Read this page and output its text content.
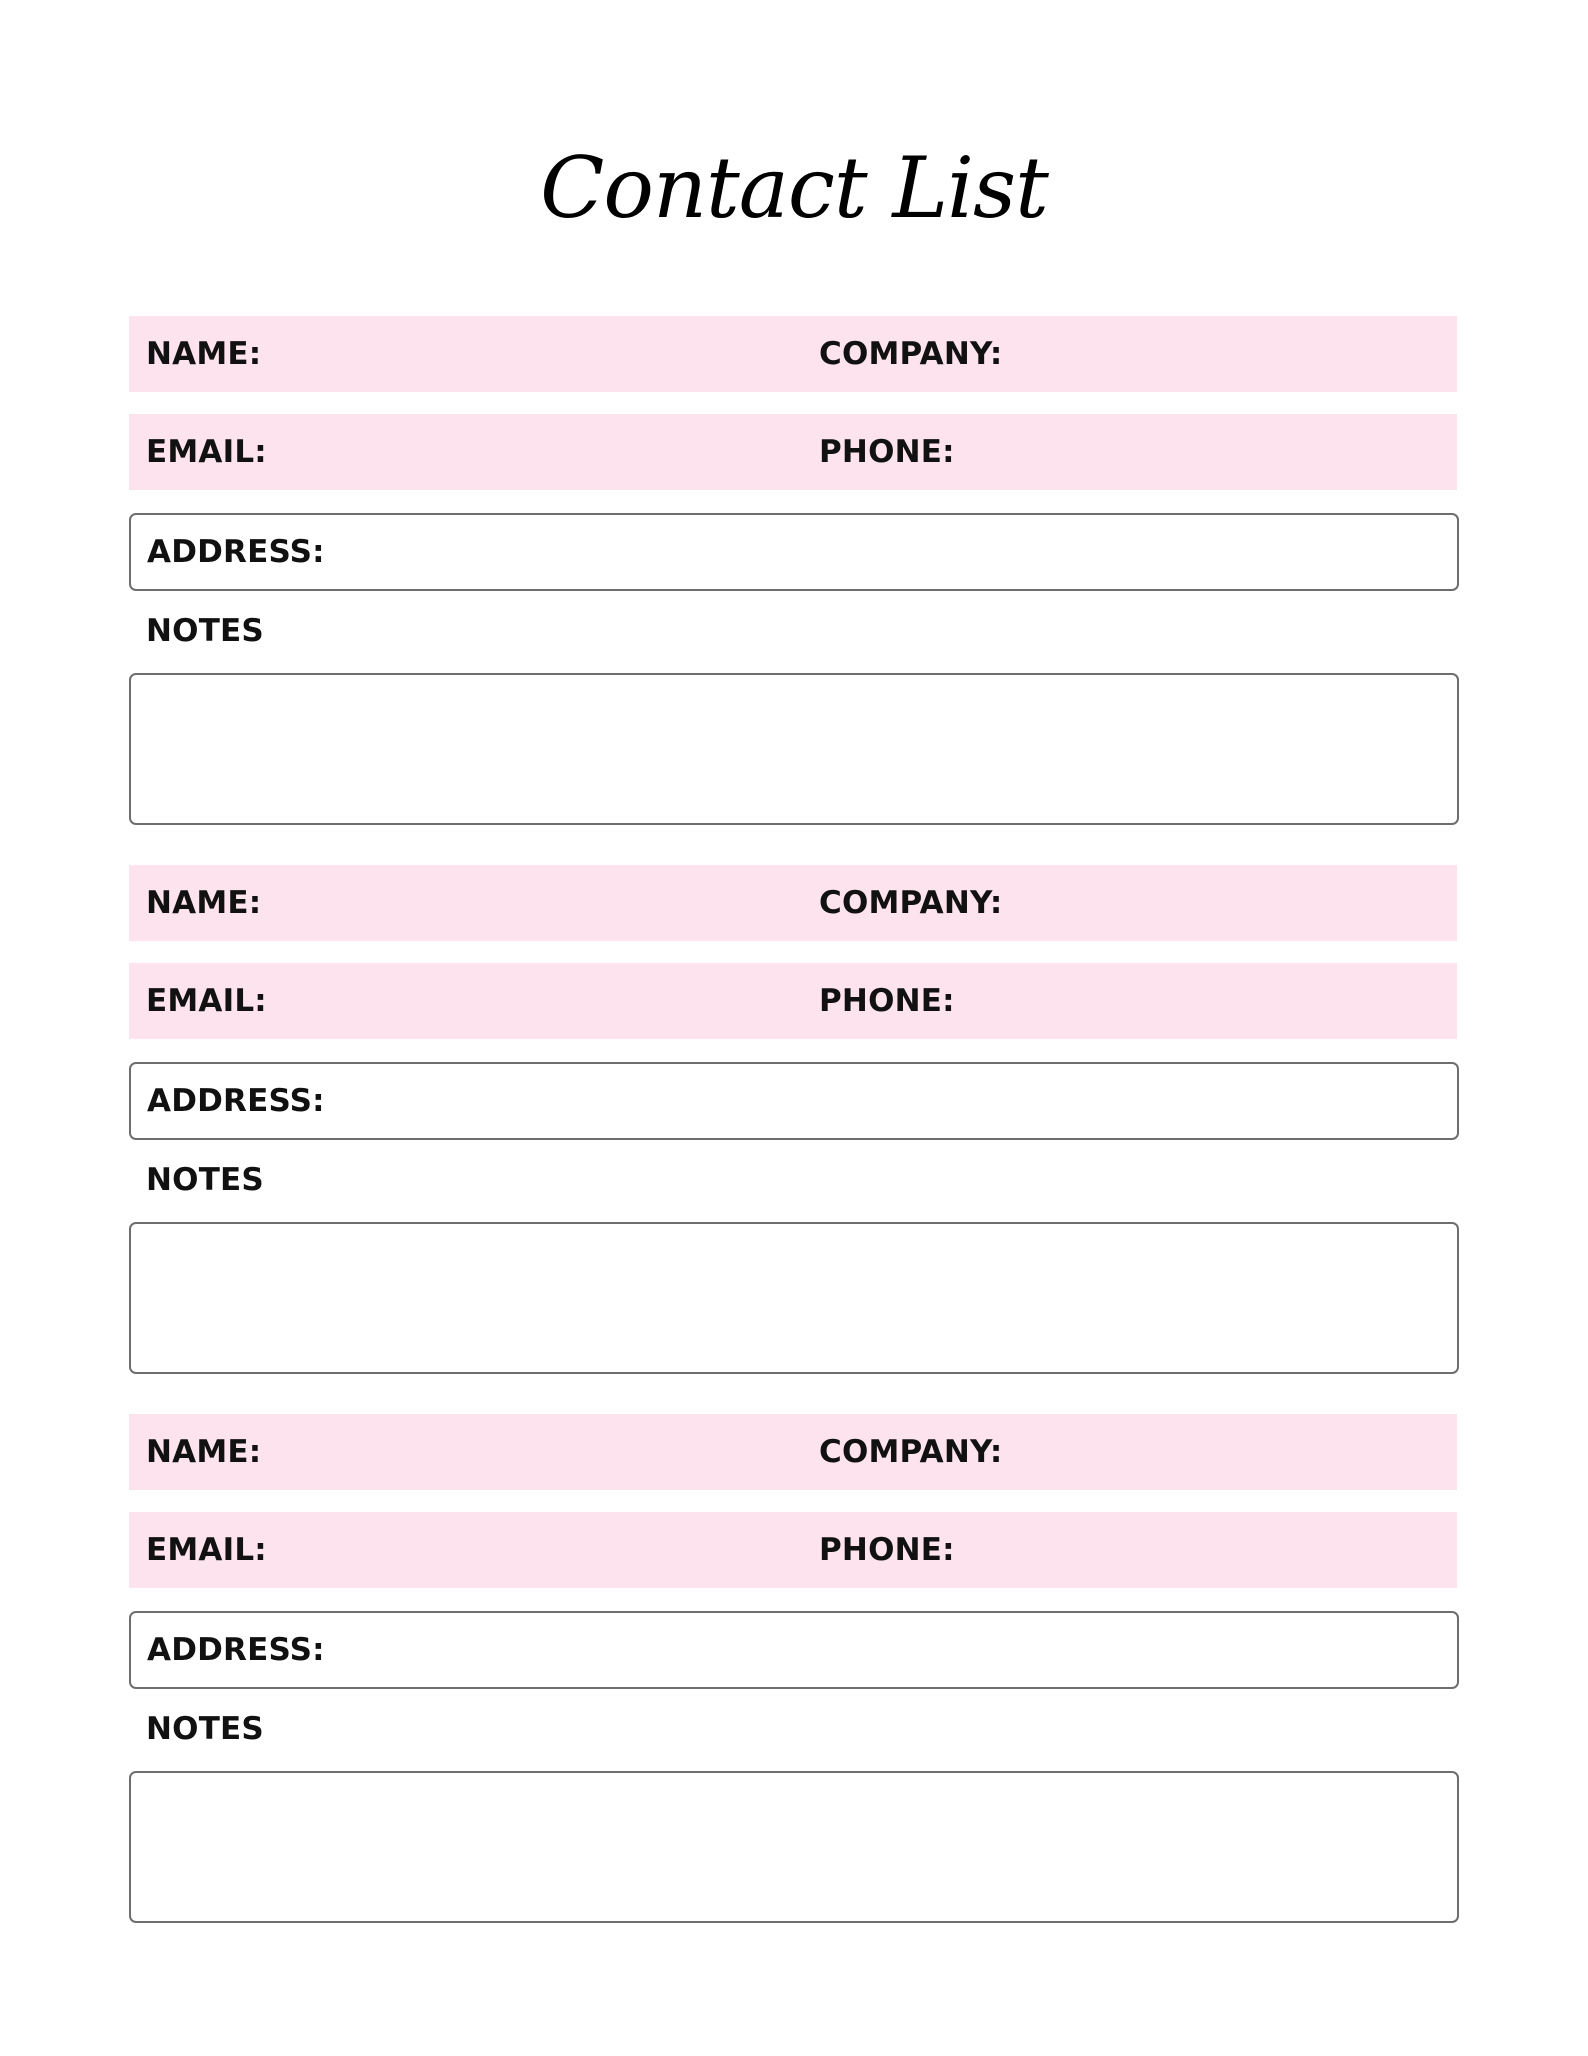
Contact List
NAME:	COMPANY:
EMAIL:	PHONE:
ADDRESS:
NOTES
NAME:	COMPANY:
EMAIL:	PHONE:
ADDRESS:
NOTES
NAME:	COMPANY:
EMAIL:	PHONE:
ADDRESS:
NOTES
